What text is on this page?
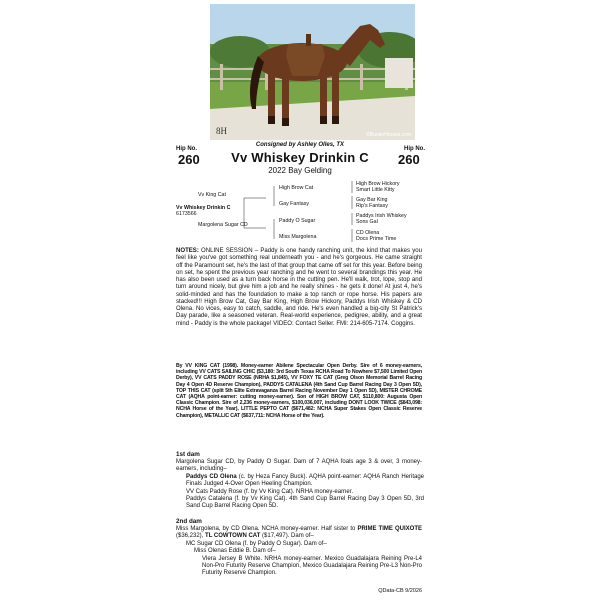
8H	©BusterHorses.com
Consigned by Ashley Olles, TX
Hip No.
260
Hip No.
260
Vv Whiskey Drinkin C
2022 Bay Gelding
Vv King Cat
Vv Whiskey Drinkin C
6173566
Margolena Sugar CD
High Brow Cat
Gay Fantasy
Paddy O Sugar
Miss Margolena
High Brow Hickory
Smart Little Kitty
Gay Bar King
Rip's Fantasy
Paddys Irish Whiskey
Sons Gal
CD Olena
Docs Prime Time
NOTES: ONLINE SESSION – Paddy is one handy ranching unit, the kind that makes you feel like you've got something real underneath you - and he's gorgeous. He came straight off the Paramount set, he's the last of that group that came off set for this year. Before being on set, he spent the previous year ranching and he went to several brandings this year. He has also been used as a turn back horse in the cutting pen. He'll walk, trot, lope, stop and turn around nicely, but give him a job and he really shines - he gets it done! At just 4, he's solid-minded and has the foundation to make a top ranch or rope horse. His papers are stacked!!! High Brow Cat, Gay Bar King, High Brow Hickory, Paddys Irish Whiskey & CD Olena. No vices, easy to catch, saddle, and ride. He's even handled a big-city St Patrick's Day parade, like a seasoned veteran. Real-world experience, pedigree, ability, and a great mind - Paddy is the whole package! VIDEO: Contact Seller. FMI: 214-605-7174. Coggins.
By VV KING CAT (1998). Money-earner Abilene Spectacular Open Derby. Sire of 6 money-earners, including VV CATS SAILING CHIC ($3,180: 3rd South Texas RCHA Road To Nowhere $7,500 Limited Open Derby), VV CATS PADDY ROSE (NRHA $1,845), VV FOXY TE CAT (Greg Olson Memorial Barrel Racing Day 4 Open 4D Reserve Champion), PADDYS CATALENA (4th Sand Cup Barrel Racing Day 3 Open 5D), TOP THIS CAT (split 5th Elite Extravaganza Barrel Racing November Day 1 Open 5D), MISTER CHROME CAT (AQHA point-earner: cutting money-earner). Son of HIGH BROW CAT, $110,800: Augusta Open Classic Champion. Sire of 2,236 money-earners, $100,036,007, including DONT LOOK TWICE ($843,098: NCHA Horse of the Year), LITTLE PEPTO CAT ($671,482: NCHA Super Stakes Open Classic Reserve Champion), METALLIC CAT ($637,711: NCHA Horse of the Year).
1st dam
Margolena Sugar CD, by Paddy O Sugar. Dam of 7 AQHA foals age 3 & over, 3 money-earners, including–
Paddys CD Olena (c. by Heza Fancy Buck). AQHA point-earner: AQHA Ranch Heritage Finals Judged 4-Over Open Heeling Champion.
VV Cats Paddy Rose (f. by Vv King Cat). NRHA money-earner.
Paddys Catalena (f. by Vv King Cat). 4th Sand Cup Barrel Racing Day 3 Open 5D, 3rd Sand Cup Barrel Racing Open 5D.
2nd dam
Miss Margolena, by CD Olena. NCHA money-earner. Half sister to PRIME TIME QUIXOTE ($36,232), TL COWTOWN CAT ($17,497). Dam of–
MC Sugar CD Olena (f. by Paddy O Sugar). Dam of–
Miss Olenas Eddie B. Dam of–
Vlera Jersey B White. NRHA money-earner. Mexico Guadalajara Reining Pre-L4 Non-Pro Futurity Reserve Champion, Mexico Guadalajara Reining Pre-L3 Non-Pro Futurity Reserve Champion.
QData-CB 9/2026
